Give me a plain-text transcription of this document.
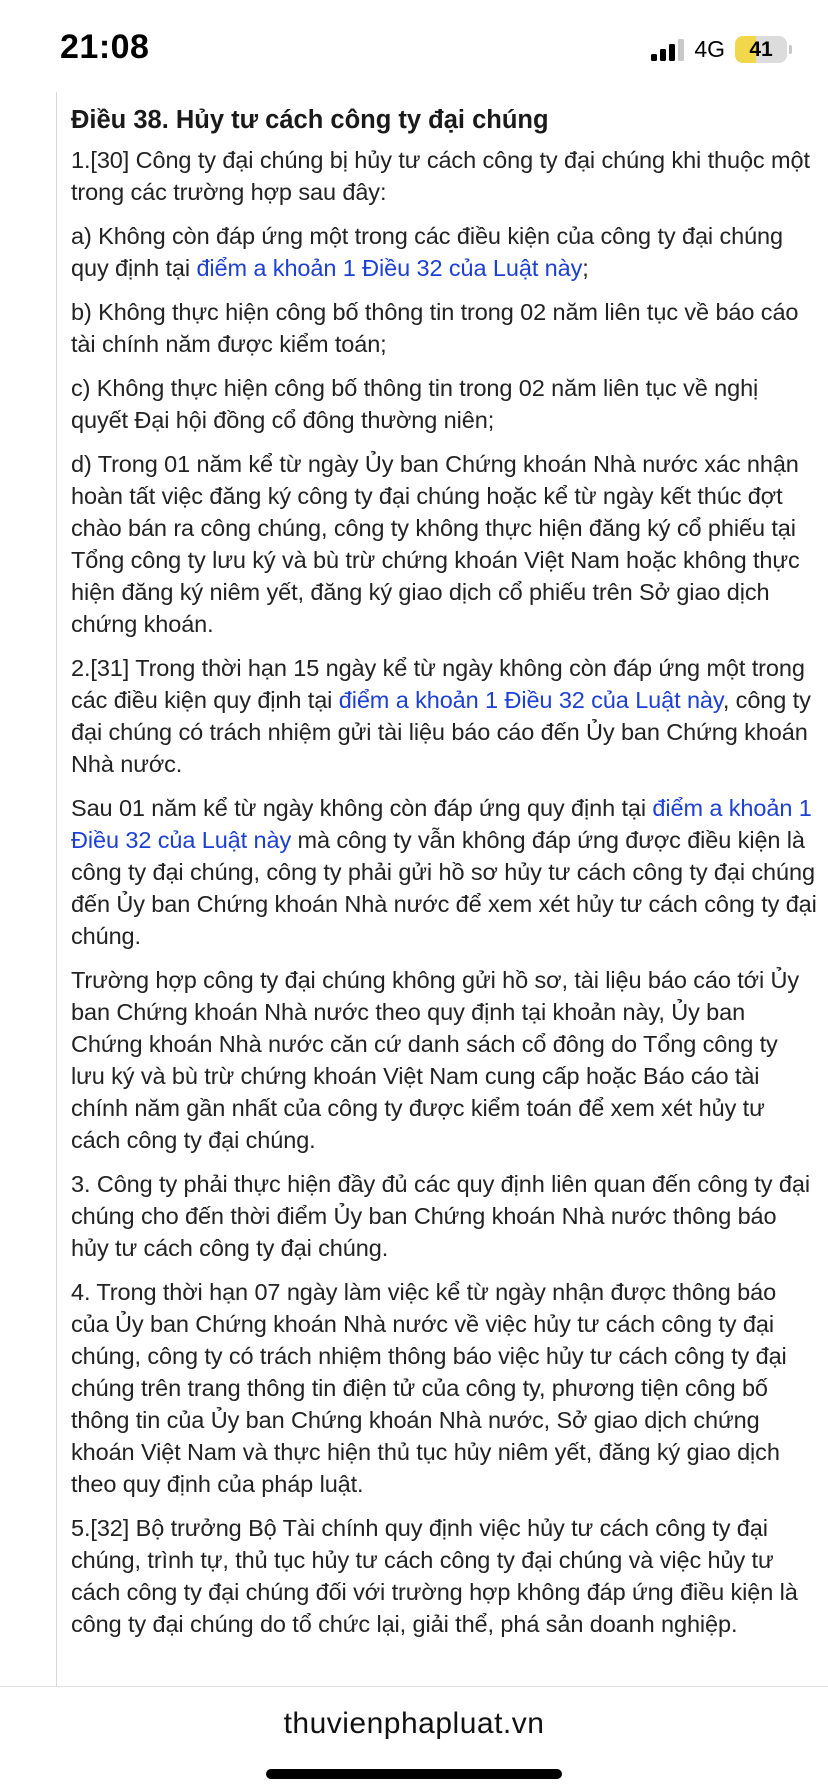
21:08	4G	41
Điều 38. Hủy tư cách công ty đại chúng

1.[30] Công ty đại chúng bị hủy tư cách công ty đại chúng khi thuộc một trong các trường hợp sau đây:

a) Không còn đáp ứng một trong các điều kiện của công ty đại chúng quy định tại điểm a khoản 1 Điều 32 của Luật này;

b) Không thực hiện công bố thông tin trong 02 năm liên tục về báo cáo tài chính năm được kiểm toán;

c) Không thực hiện công bố thông tin trong 02 năm liên tục về nghị quyết Đại hội đồng cổ đông thường niên;

d) Trong 01 năm kể từ ngày Ủy ban Chứng khoán Nhà nước xác nhận hoàn tất việc đăng ký công ty đại chúng hoặc kể từ ngày kết thúc đợt chào bán ra công chúng, công ty không thực hiện đăng ký cổ phiếu tại Tổng công ty lưu ký và bù trừ chứng khoán Việt Nam hoặc không thực hiện đăng ký niêm yết, đăng ký giao dịch cổ phiếu trên Sở giao dịch chứng khoán.

2.[31] Trong thời hạn 15 ngày kể từ ngày không còn đáp ứng một trong các điều kiện quy định tại điểm a khoản 1 Điều 32 của Luật này, công ty đại chúng có trách nhiệm gửi tài liệu báo cáo đến Ủy ban Chứng khoán Nhà nước.

Sau 01 năm kể từ ngày không còn đáp ứng quy định tại điểm a khoản 1 Điều 32 của Luật này mà công ty vẫn không đáp ứng được điều kiện là công ty đại chúng, công ty phải gửi hồ sơ hủy tư cách công ty đại chúng đến Ủy ban Chứng khoán Nhà nước để xem xét hủy tư cách công ty đại chúng.

Trường hợp công ty đại chúng không gửi hồ sơ, tài liệu báo cáo tới Ủy ban Chứng khoán Nhà nước theo quy định tại khoản này, Ủy ban Chứng khoán Nhà nước căn cứ danh sách cổ đông do Tổng công ty lưu ký và bù trừ chứng khoán Việt Nam cung cấp hoặc Báo cáo tài chính năm gần nhất của công ty được kiểm toán để xem xét hủy tư cách công ty đại chúng.

3. Công ty phải thực hiện đầy đủ các quy định liên quan đến công ty đại chúng cho đến thời điểm Ủy ban Chứng khoán Nhà nước thông báo hủy tư cách công ty đại chúng.

4. Trong thời hạn 07 ngày làm việc kể từ ngày nhận được thông báo của Ủy ban Chứng khoán Nhà nước về việc hủy tư cách công ty đại chúng, công ty có trách nhiệm thông báo việc hủy tư cách công ty đại chúng trên trang thông tin điện tử của công ty, phương tiện công bố thông tin của Ủy ban Chứng khoán Nhà nước, Sở giao dịch chứng khoán Việt Nam và thực hiện thủ tục hủy niêm yết, đăng ký giao dịch theo quy định của pháp luật.

5.[32] Bộ trưởng Bộ Tài chính quy định việc hủy tư cách công ty đại chúng, trình tự, thủ tục hủy tư cách công ty đại chúng và việc hủy tư cách công ty đại chúng đối với trường hợp không đáp ứng điều kiện là công ty đại chúng do tổ chức lại, giải thể, phá sản doanh nghiệp.

thuvienphapluat.vn
